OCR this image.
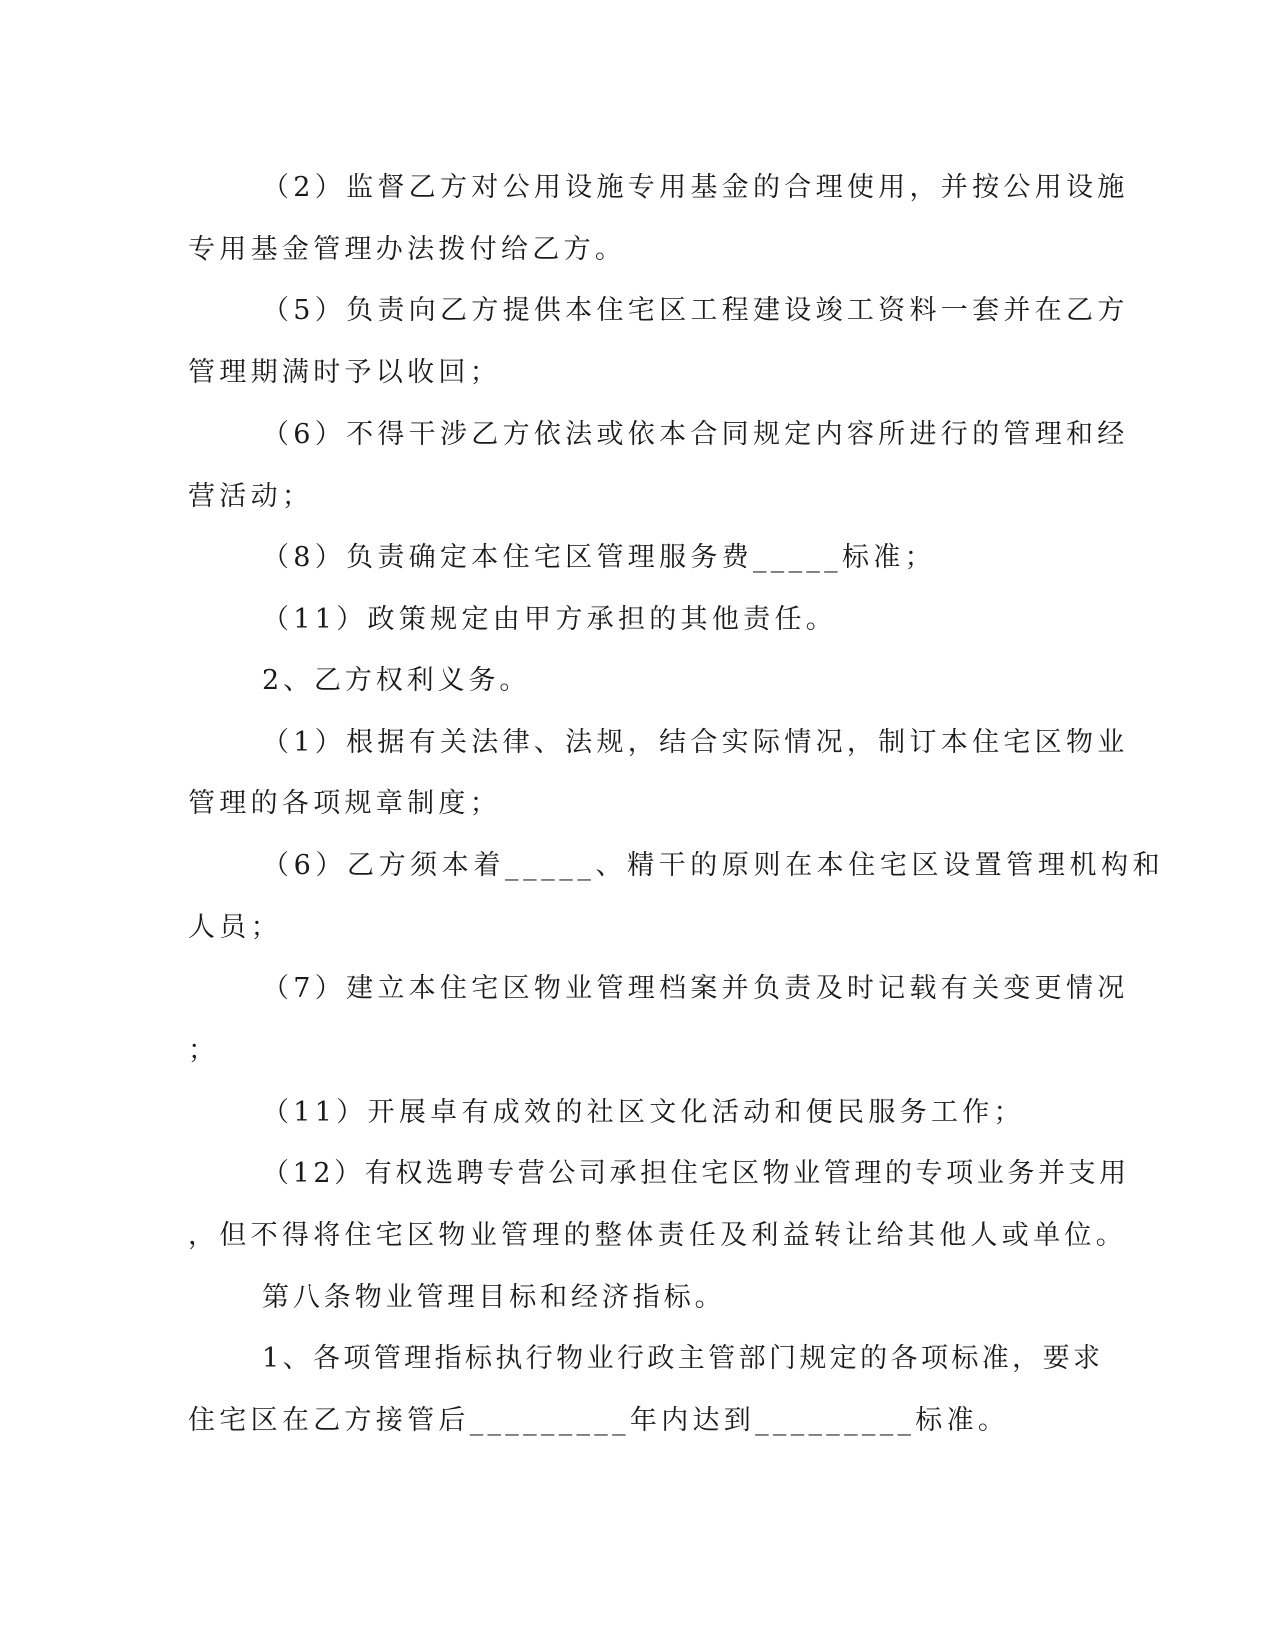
（2）监督乙方对公用设施专用基金的合理使用，并按公用设施
专用基金管理办法拨付给乙方。
（5）负责向乙方提供本住宅区工程建设竣工资料一套并在乙方
管理期满时予以收回；
（6）不得干涉乙方依法或依本合同规定内容所进行的管理和经
营活动；
（8）负责确定本住宅区管理服务费_____标准；
（11）政策规定由甲方承担的其他责任。
2、乙方权利义务。
（1）根据有关法律、法规，结合实际情况，制订本住宅区物业
管理的各项规章制度；
（6）乙方须本着_____、精干的原则在本住宅区设置管理机构和
人员；
（7）建立本住宅区物业管理档案并负责及时记载有关变更情况
；
（11）开展卓有成效的社区文化活动和便民服务工作；
（12）有权选聘专营公司承担住宅区物业管理的专项业务并支用
，但不得将住宅区物业管理的整体责任及利益转让给其他人或单位。
第八条物业管理目标和经济指标。
1、各项管理指标执行物业行政主管部门规定的各项标准，要求
住宅区在乙方接管后_________年内达到_________标准。
